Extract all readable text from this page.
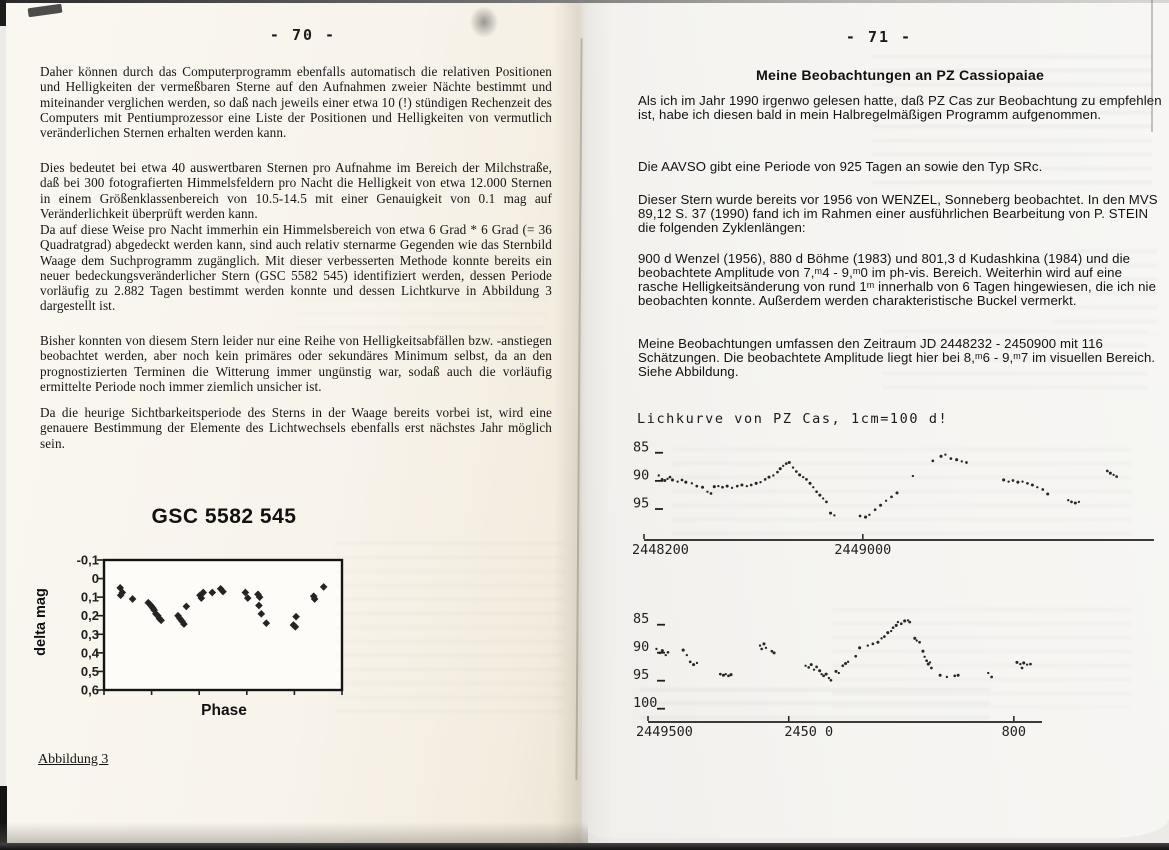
- 70 -
Daher können durch das Computerprogramm ebenfalls automatisch die relativen Positionen und Helligkeiten der vermeßbaren Sterne auf den Aufnahmen zweier Nächte bestimmt und miteinander verglichen werden, so daß nach jeweils einer etwa 10 (!) stündigen Rechenzeit des Computers mit Pentiumprozessor eine Liste der Positionen und Helligkeiten von vermutlich veränderlichen Sternen erhalten werden kann.
Dies bedeutet bei etwa 40 auswertbaren Sternen pro Aufnahme im Bereich der Milchstraße, daß bei 300 fotografierten Himmelsfeldern pro Nacht die Helligkeit von etwa 12.000 Sternen in einem Größenklassenbereich von 10.5-14.5 mit einer Genauigkeit von 0.1 mag auf Veränderlichkeit überprüft werden kann.
Da auf diese Weise pro Nacht immerhin ein Himmelsbereich von etwa 6 Grad * 6 Grad (= 36 Quadratgrad) abgedeckt werden kann, sind auch relativ sternarme Gegenden wie das Sternbild Waage dem Suchprogramm zugänglich. Mit dieser verbesserten Methode konnte bereits ein neuer bedeckungsveränderlicher Stern (GSC 5582 545) identifiziert werden, dessen Periode vorläufig zu 2.882 Tagen bestimmt werden konnte und dessen Lichtkurve in Abbildung 3 dargestellt ist.
Bisher konnten von diesem Stern leider nur eine Reihe von Helligkeitsabfällen bzw. -anstiegen beobachtet werden, aber noch kein primäres oder sekundäres Minimum selbst, da an den prognostizierten Terminen die Witterung immer ungünstig war, sodaß auch die vorläufig ermittelte Periode noch immer ziemlich unsicher ist.
Da die heurige Sichtbarkeitsperiode des Sterns in der Waage bereits vorbei ist, wird eine genauere Bestimmung der Elemente des Lichtwechsels ebenfalls erst nächstes Jahr möglich sein.
GSC 5582 545
delta mag
-0,1
0
0,1
0,2
0,3
0,4
0,5
0,6
Phase
Abbildung 3
- 71 -
Meine Beobachtungen an PZ Cassiopaiae
Als ich im Jahr 1990 irgenwo gelesen hatte, daß PZ Cas zur Beobachtung zu empfehlen ist, habe ich diesen bald in mein Halbregelmäßigen Programm aufgenommen.
Die AAVSO gibt eine Periode von 925 Tagen an sowie den Typ SRc.
Dieser Stern wurde bereits vor 1956 von WENZEL, Sonneberg beobachtet. In den MVS 89,12 S. 37 (1990) fand ich im Rahmen einer ausführlichen Bearbeitung von P. STEIN die folgenden Zyklenlängen:
900 d Wenzel (1956), 880 d Böhme (1983) und 801,3 d Kudashkina (1984) und die beobachtete Amplitude von 7,ᵐ4 - 9,ᵐ0 im ph-vis. Bereich. Weiterhin wird auf eine rasche Helligkeitsänderung von rund 1ᵐ innerhalb von 6 Tagen hingewiesen, die ich nie beobachten konnte. Außerdem werden charakteristische Buckel vermerkt.
Meine Beobachtungen umfassen den Zeitraum JD 2448232 - 2450900 mit 116 Schätzungen. Die beobachtete Amplitude liegt hier bei 8,ᵐ6 - 9,ᵐ7 im visuellen Bereich. Siehe Abbildung.
Lichkurve von PZ Cas, 1cm=100 d!
85
90
95
2448200	2449000
85
90
95
100
2449500	2450 0	800
